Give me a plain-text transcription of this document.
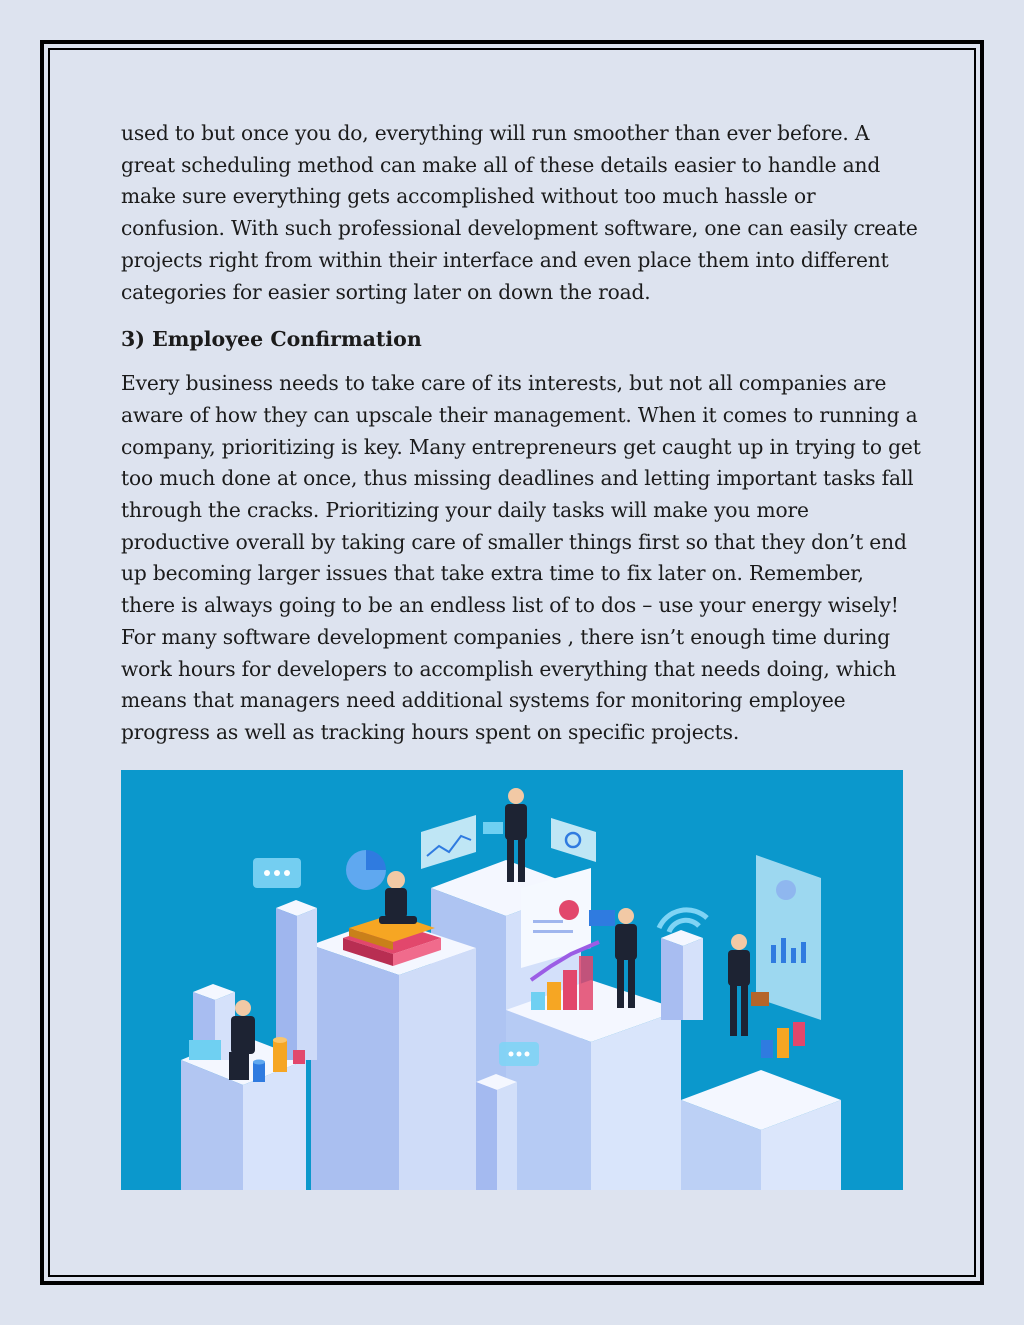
used to but once you do, everything will run smoother than ever before. A great scheduling method can make all of these details easier to handle and make sure everything gets accomplished without too much hassle or confusion. With such professional development software, one can easily create projects right from within their interface and even place them into different categories for easier sorting later on down the road.

3) Employee Confirmation

Every business needs to take care of its interests, but not all companies are aware of how they can upscale their management. When it comes to running a company, prioritizing is key. Many entrepreneurs get caught up in trying to get too much done at once, thus missing deadlines and letting important tasks fall through the cracks. Prioritizing your daily tasks will make you more productive overall by taking care of smaller things first so that they don’t end up becoming larger issues that take extra time to fix later on. Remember, there is always going to be an endless list of to dos – use your energy wisely! For many software development companies , there isn’t enough time during work hours for developers to accomplish everything that needs doing, which means that managers need additional systems for monitoring employee progress as well as tracking hours spent on specific projects.
